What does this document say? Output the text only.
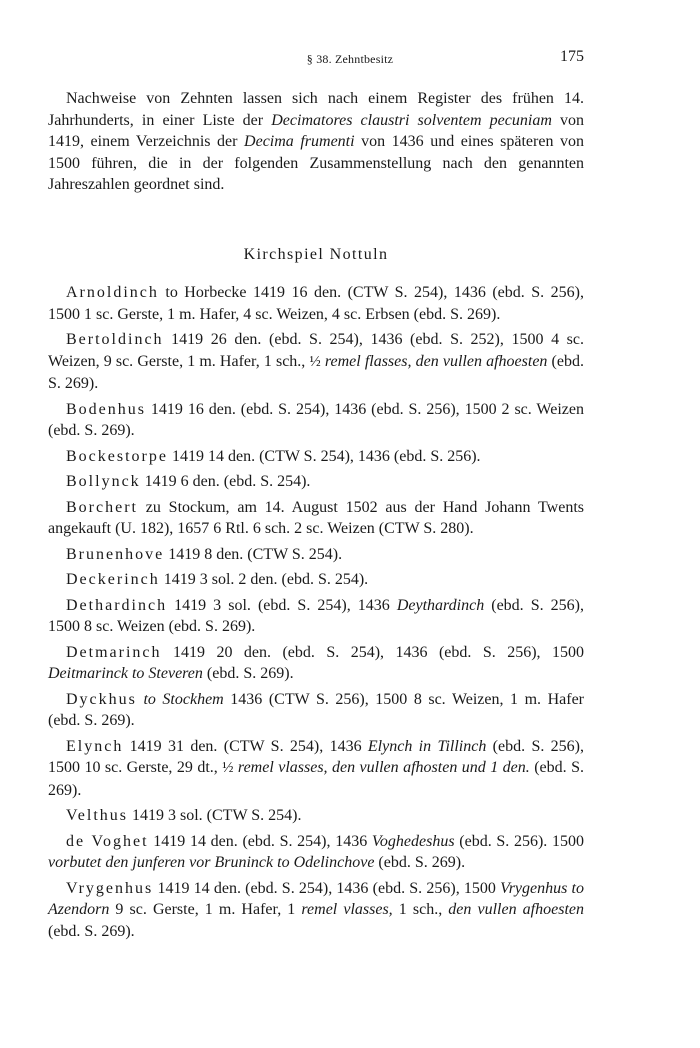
§ 38. Zehntbesitz	175

Nachweise von Zehnten lassen sich nach einem Register des frühen 14. Jahrhunderts, in einer Liste der Decimatores claustri solventem pecuniam von 1419, einem Verzeichnis der Decima frumenti von 1436 und eines späteren von 1500 führen, die in der folgenden Zusammenstellung nach den genannten Jahreszahlen geordnet sind.

Kirchspiel Nottuln

Arnoldinch to Horbecke 1419 16 den. (CTW S. 254), 1436 (ebd. S. 256), 1500 1 sc. Gerste, 1 m. Hafer, 4 sc. Weizen, 4 sc. Erbsen (ebd. S. 269).

Bertoldinch 1419 26 den. (ebd. S. 254), 1436 (ebd. S. 252), 1500 4 sc. Weizen, 9 sc. Gerste, 1 m. Hafer, 1 sch., ½ remel flasses, den vullen afhoesten (ebd. S. 269).

Bodenhus 1419 16 den. (ebd. S. 254), 1436 (ebd. S. 256), 1500 2 sc. Weizen (ebd. S. 269).

Bockestorpe 1419 14 den. (CTW S. 254), 1436 (ebd. S. 256).

Bollynck 1419 6 den. (ebd. S. 254).

Borchert zu Stockum, am 14. August 1502 aus der Hand Johann Twents angekauft (U. 182), 1657 6 Rtl. 6 sch. 2 sc. Weizen (CTW S. 280).

Brunenhove 1419 8 den. (CTW S. 254).

Deckerinch 1419 3 sol. 2 den. (ebd. S. 254).

Dethardinch 1419 3 sol. (ebd. S. 254), 1436 Deythardinch (ebd. S. 256), 1500 8 sc. Weizen (ebd. S. 269).

Detmarinch 1419 20 den. (ebd. S. 254), 1436 (ebd. S. 256), 1500 Deitmarinck to Steveren (ebd. S. 269).

Dyckhus to Stockhem 1436 (CTW S. 256), 1500 8 sc. Weizen, 1 m. Hafer (ebd. S. 269).

Elynch 1419 31 den. (CTW S. 254), 1436 Elynch in Tillinch (ebd. S. 256), 1500 10 sc. Gerste, 29 dt., ½ remel vlasses, den vullen afhosten und 1 den. (ebd. S. 269).

Velthus 1419 3 sol. (CTW S. 254).

de Voghet 1419 14 den. (ebd. S. 254), 1436 Voghedeshus (ebd. S. 256). 1500 vorbutet den junferen vor Bruninck to Odelinchove (ebd. S. 269).

Vrygenhus 1419 14 den. (ebd. S. 254), 1436 (ebd. S. 256), 1500 Vrygenhus to Azendorn 9 sc. Gerste, 1 m. Hafer, 1 remel vlasses, 1 sch., den vullen afhoesten (ebd. S. 269).
